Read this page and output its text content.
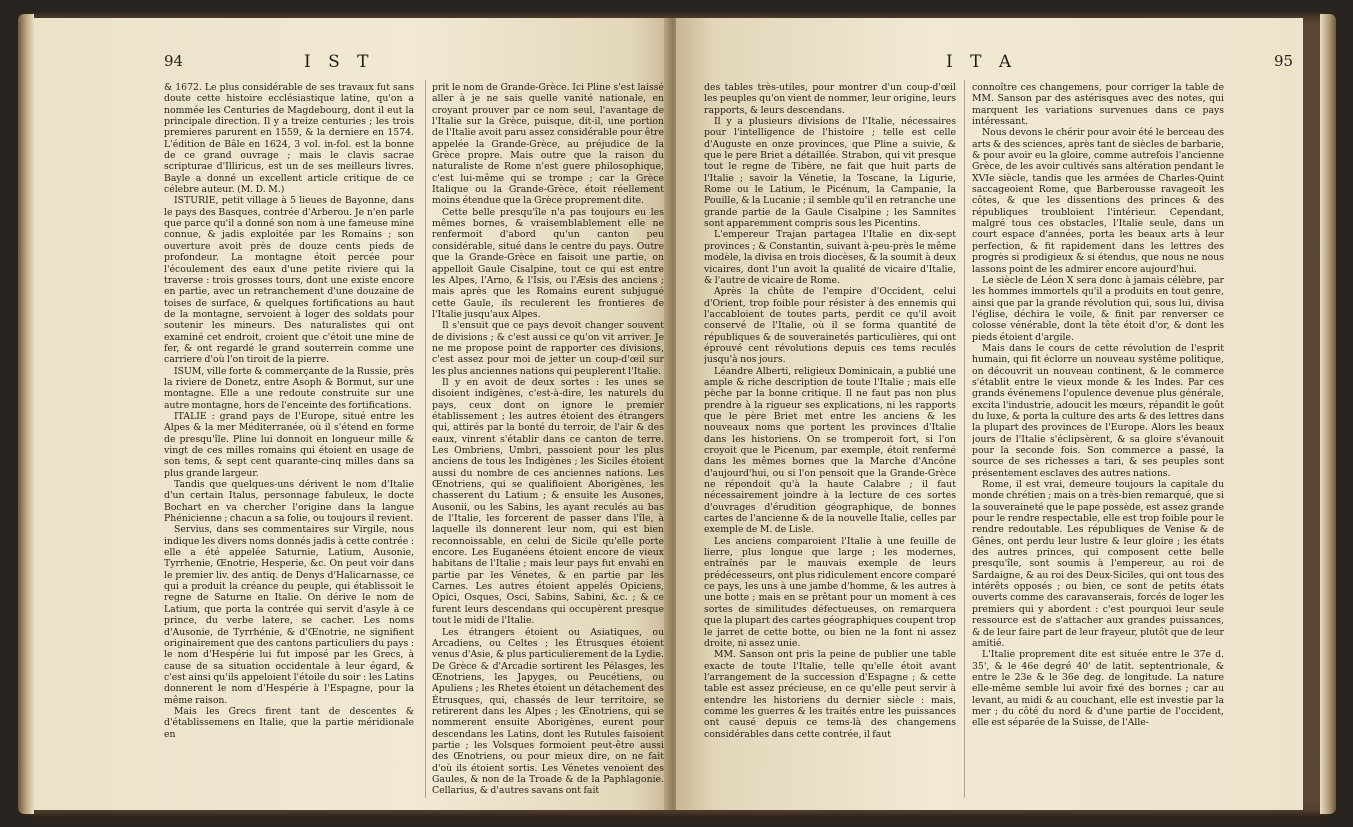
94	I S T

& 1672. Le plus considérable de ses travaux fut sans doute cette histoire ecclésiastique latine, qu'on a nommée les Centuries de Magdebourg, dont il eut la principale direction. Il y a treize centuries ; les trois premieres parurent en 1559, & la derniere en 1574. L'édition de Bâle en 1624, 3 vol. in-fol. est la bonne de ce grand ouvrage ; mais le clavis sacrae scripturae d'Illiricus, est un de ses meilleurs livres. Bayle a donné un excellent article critique de ce célebre auteur. (M. D. M.)

ISTURIE, petit village à 5 lieues de Bayonne, dans le pays des Basques, contrée d'Arberou. Je n'en parle que parce qu'il a donné son nom à une fameuse mine connue, & jadis exploitée par les Romains ; son ouverture avoit près de douze cents pieds de profondeur. La montagne étoit percée pour l'écoulement des eaux d'une petite riviere qui la traverse : trois grosses tours, dont une existe encore en partie, avec un retranchement d'une douzaine de toises de surface, & quelques fortifications au haut de la montagne, servoient à loger des soldats pour soutenir les mineurs. Des naturalistes qui ont examiné cet endroit, croient que c'étoit une mine de fer, & ont regardé le grand souterrein comme une carriere d'où l'on tiroit de la pierre.

ISUM, ville forte & commerçante de la Russie, près la riviere de Donetz, entre Asoph & Bormut, sur une montagne. Elle a une redoute construite sur une autre montagne, hors de l'enceinte des fortifications.

ITALIE : grand pays de l'Europe, situé entre les Alpes & la mer Méditerranée, où il s'étend en forme de presqu'île. Pline lui donnoit en longueur mille & vingt de ces milles romains qui étoient en usage de son tems, & sept cent quarante-cinq milles dans sa plus grande largeur.

Tandis que quelques-uns dérivent le nom d'Italie d'un certain Italus, personnage fabuleux, le docte Bochart en va chercher l'origine dans la langue Phénicienne ; chacun a sa folie, ou toujours il revient.

Servius, dans ses commentaires sur Virgile, nous indique les divers noms donnés jadis à cette contrée : elle a été appelée Saturnie, Latium, Ausonie, Tyrrhenie, Œnotrie, Hesperie, &c. On peut voir dans le premier liv. des antiq. de Denys d'Halicarnasse, ce qui a produit la créance du peuple, qui établissoit le regne de Saturne en Italie. On dérive le nom de Latium, que porta la contrée qui servit d'asyle à ce prince, du verbe latere, se cacher. Les noms d'Ausonie, de Tyrrhénie, & d'Œnotrie, ne signifient originairement que des cantons particuliers du pays : le nom d'Hespérie lui fut imposé par les Grecs, à cause de sa situation occidentale à leur égard, & c'est ainsi qu'ils appeloient l'étoile du soir : les Latins donnerent le nom d'Hespérie à l'Espagne, pour la même raison.

Mais les Grecs firent tant de descentes & d'établissemens en Italie, que la partie méridionale en

prit le nom de Grande-Grèce. Ici Pline s'est laissé aller à je ne sais quelle vanité nationale, en croyant prouver par ce nom seul, l'avantage de l'Italie sur la Grèce, puisque, dit-il, une portion de l'Italie avoit paru assez considérable pour être appelée la Grande-Grèce, au préjudice de la Grèce propre. Mais outre que la raison du naturaliste de Rome n'est guere philosophique, c'est lui-même qui se trompe ; car la Grèce Italique ou la Grande-Grèce, étoit réellement moins étendue que la Grèce proprement dite.

Cette belle presqu'île n'a pas toujours eu les mêmes bornes, & vraisemblablement elle ne renfermoit d'abord qu'un canton peu considérable, situé dans le centre du pays. Outre que la Grande-Grèce en faisoit une partie, on appelloit Gaule Cisalpine, tout ce qui est entre les Alpes, l'Arno, & l'Isis, ou l'Æsis des anciens ; mais après que les Romains eurent subjugué cette Gaule, ils reculerent les frontieres de l'Italie jusqu'aux Alpes.

Il s'ensuit que ce pays devoit changer souvent de divisions ; & c'est aussi ce qu'on vit arriver. Je ne me propose point de rapporter ces divisions, c'est assez pour moi de jetter un coup-d'œil sur les plus anciennes nations qui peuplerent l'Italie.

Il y en avoit de deux sortes : les unes se disoient indigènes, c'est-à-dire, les naturels du pays, ceux dont on ignore le premier établissement ; les autres étoient des étrangers qui, attirés par la bonté du terroir, de l'air & des eaux, vinrent s'établir dans ce canton de terre. Les Ombriens, Umbri, passoient pour les plus anciens de tous les Indigènes ; les Siciles étoient aussi du nombre de ces anciennes nations. Les Œnotriens, qui se qualifioient Aborigènes, les chasserent du Latium ; & ensuite les Ausones, Ausonii, ou les Sabins, les ayant reculés au bas de l'Italie, les forcerent de passer dans l'île, à laquelle ils donnerent leur nom, qui est bien reconnoissable, en celui de Sicile qu'elle porte encore. Les Euganéens étoient encore de vieux habitans de l'Italie ; mais leur pays fut envahi en partie par les Vénetes, & en partie par les Carnes. Les autres étoient appelés Opiciens, Opici, Osques, Osci, Sabins, Sabini, &c. ; & ce furent leurs descendans qui occupèrent presque tout le midi de l'Italie.

Les étrangers étoient ou Asiatiques, ou Arcadiens, ou Celtes ; les Étrusques étoient venus d'Asie, & plus particulierement de la Lydie. De Grèce & d'Arcadie sortirent les Pélasges, les Œnotriens, les Japyges, ou Peucétiens, ou Apuliens ; les Rhetes étoient un détachement des Étrusques, qui, chassés de leur territoire, se retirerent dans les Alpes ; les Œnotriens, qui se nommerent ensuite Aborigènes, eurent pour descendans les Latins, dont les Rutules faisoient partie ; les Volsques formoient peut-être aussi des Œnotriens, ou pour mieux dire, on ne fait d'où ils étoient sortis. Les Vénetes venoient des Gaules, & non de la Troade & de la Paphlagonie. Cellarius, & d'autres savans ont fait

I T A	95

des tables très-utiles, pour montrer d'un coup-d'œil les peuples qu'on vient de nommer, leur origine, leurs rapports, & leurs descendans.

Il y a plusieurs divisions de l'Italie, nécessaires pour l'intelligence de l'histoire ; telle est celle d'Auguste en onze provinces, que Pline a suivie, & que le pere Briet a détaillée. Strabon, qui vit presque tout le regne de Tibère, ne fait que huit parts de l'Italie ; savoir la Vénetie, la Toscane, la Ligurie, Rome ou le Latium, le Picénum, la Campanie, la Pouille, & la Lucanie ; il semble qu'il en retranche une grande partie de la Gaule Cisalpine ; les Samnites sont apparemment compris sous les Picentins.

L'empereur Trajan partagea l'Italie en dix-sept provinces ; & Constantin, suivant à-peu-près le même modèle, la divisa en trois diocèses, & la soumit à deux vicaires, dont l'un avoit la qualité de vicaire d'Italie, & l'autre de vicaire de Rome.

Après la chûte de l'empire d'Occident, celui d'Orient, trop foible pour résister à des ennemis qui l'accabloient de toutes parts, perdit ce qu'il avoit conservé de l'Italie, où il se forma quantité de républiques & de souverainetés particulières, qui ont éprouvé cent révolutions depuis ces tems reculés jusqu'à nos jours.

Léandre Alberti, religieux Dominicain, a publié une ample & riche description de toute l'Italie ; mais elle pèche par la bonne critique. Il ne faut pas non plus prendre à la rigueur ses explications, ni les rapports que le père Briet met entre les anciens & les nouveaux noms que portent les provinces d'Italie dans les historiens. On se tromperoit fort, si l'on croyoit que le Picenum, par exemple, étoit renfermé dans les mêmes bornes que la Marche d'Ancône d'aujourd'hui, ou si l'on pensoit que la Grande-Grèce ne répondoit qu'à la haute Calabre ; il faut nécessairement joindre à la lecture de ces sortes d'ouvrages d'érudition géographique, de bonnes cartes de l'ancienne & de la nouvelle Italie, celles par exemple de M. de Lisle.

Les anciens comparoient l'Italie à une feuille de lierre, plus longue que large ; les modernes, entraînés par le mauvais exemple de leurs prédécesseurs, ont plus ridiculement encore comparé ce pays, les uns à une jambe d'homme, & les autres à une botte ; mais en se prêtant pour un moment à ces sortes de similitudes défectueuses, on remarquera que la plupart des cartes géographiques coupent trop le jarret de cette botte, ou bien ne la font ni assez droite, ni assez unie.

MM. Sanson ont pris la peine de publier une table exacte de toute l'Italie, telle qu'elle étoit avant l'arrangement de la succession d'Espagne ; & cette table est assez précieuse, en ce qu'elle peut servir à entendre les historiens du dernier siècle : mais, comme les guerres & les traités entre les puissances ont causé depuis ce tems-là des changemens considérables dans cette contrée, il faut

connoître ces changemens, pour corriger la table de MM. Sanson par des astérisques avec des notes, qui marquent les variations survenues dans ce pays intéressant.

Nous devons le chérir pour avoir été le berceau des arts & des sciences, après tant de siècles de barbarie, & pour avoir eu la gloire, comme autrefois l'ancienne Grèce, de les avoir cultivés sans altération pendant le XVIe siècle, tandis que les armées de Charles-Quint saccageoient Rome, que Barberousse ravageoit les côtes, & que les dissentions des princes & des républiques troubloient l'intérieur. Cependant, malgré tous ces obstacles, l'Italie seule, dans un court espace d'années, porta les beaux arts à leur perfection, & fit rapidement dans les lettres des progrès si prodigieux & si étendus, que nous ne nous lassons point de les admirer encore aujourd'hui.

Le siècle de Léon X sera donc à jamais célèbre, par les hommes immortels qu'il a produits en tout genre, ainsi que par la grande révolution qui, sous lui, divisa l'église, déchira le voile, & finit par renverser ce colosse vénérable, dont la tête étoit d'or, & dont les pieds étoient d'argile.

Mais dans le cours de cette révolution de l'esprit humain, qui fit éclorre un nouveau systême politique, on découvrit un nouveau continent, & le commerce s'établit entre le vieux monde & les Indes. Par ces grands événemens l'opulence devenue plus générale, excita l'industrie, adoucit les mœurs, répandit le goût du luxe, & porta la culture des arts & des lettres dans la plupart des provinces de l'Europe. Alors les beaux jours de l'Italie s'éclipsèrent, & sa gloire s'évanouit pour la seconde fois. Son commerce a passé, la source de ses richesses a tari, & ses peuples sont présentement esclaves des autres nations.

Rome, il est vrai, demeure toujours la capitale du monde chrétien ; mais on a très-bien remarqué, que si la souveraineté que le pape possède, est assez grande pour le rendre respectable, elle est trop foible pour le rendre redoutable. Les républiques de Venise & de Gênes, ont perdu leur lustre & leur gloire ; les états des autres princes, qui composent cette belle presqu'île, sont soumis à l'empereur, au roi de Sardaigne, & au roi des Deux-Siciles, qui ont tous des intérêts opposés ; ou bien, ce sont de petits états ouverts comme des caravanserais, forcés de loger les premiers qui y abordent : c'est pourquoi leur seule ressource est de s'attacher aux grandes puissances, & de leur faire part de leur frayeur, plutôt que de leur amitié.

L'Italie proprement dite est située entre le 37e d. 35', & le 46e degré 40' de latit. septentrionale, & entre le 23e & le 36e deg. de longitude. La nature elle-même semble lui avoir fixé des bornes ; car au levant, au midi & au couchant, elle est investie par la mer ; du côté du nord & d'une partie de l'occident, elle est séparée de la Suisse, de l'Alle-
